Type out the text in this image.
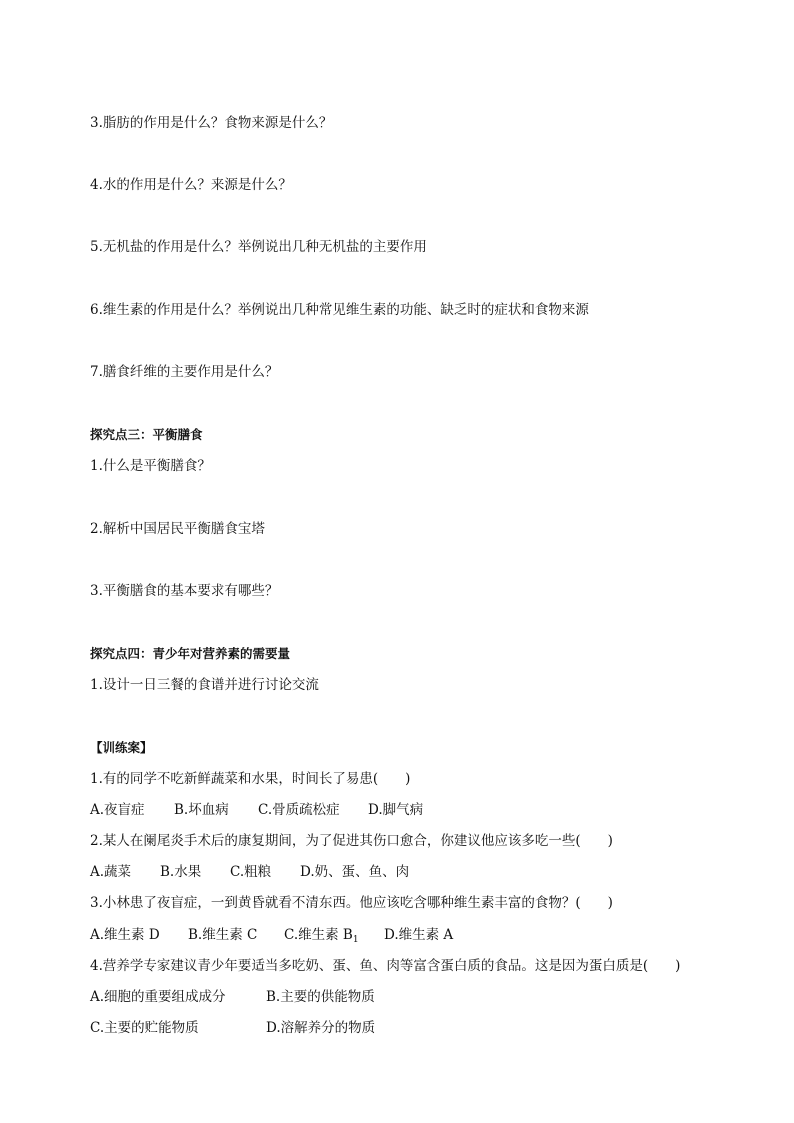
3.脂肪的作用是什么？食物来源是什么？
4.水的作用是什么？来源是什么？
5.无机盐的作用是什么？举例说出几种无机盐的主要作用
6.维生素的作用是什么？举例说出几种常见维生素的功能、缺乏时的症状和食物来源
7.膳食纤维的主要作用是什么？
探究点三：平衡膳食
1.什么是平衡膳食？
2.解析中国居民平衡膳食宝塔
3.平衡膳食的基本要求有哪些？
探究点四：青少年对营养素的需要量
1.设计一日三餐的食谱并进行讨论交流
【训练案】
1.有的同学不吃新鲜蔬菜和水果，时间长了易患(　　)
A.夜盲症 B.坏血病 C.骨质疏松症 D.脚气病
2.某人在阑尾炎手术后的康复期间，为了促进其伤口愈合，你建议他应该多吃一些(　　)
A.蔬菜 B.水果 C.粗粮 D.奶、蛋、鱼、肉
3.小林患了夜盲症，一到黄昏就看不清东西。他应该吃含哪种维生素丰富的食物？(　　)
A.维生素 D B.维生素 C C.维生素 $B_1$ D.维生素 A
4.营养学专家建议青少年要适当多吃奶、蛋、鱼、肉等富含蛋白质的食品。这是因为蛋白质是(　　)
A.细胞的重要组成成分	B.主要的供能物质
C.主要的贮能物质	D.溶解养分的物质
